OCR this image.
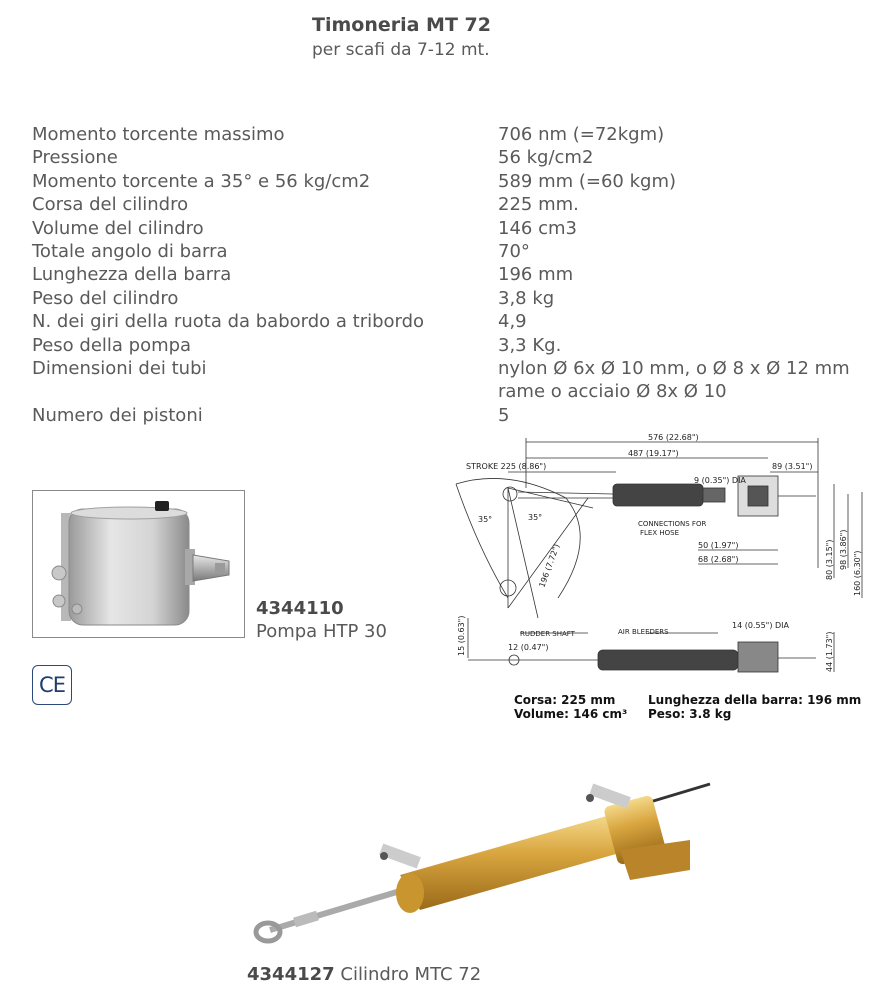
Timoneria MT 72
per scafi da 7-12 mt.
Momento torcente massimo	706 nm (=72kgm)
Pressione	56 kg/cm2
Momento torcente a 35° e 56 kg/cm2	589 mm (=60 kgm)
Corsa del cilindro	225 mm.
Volume del cilindro	146 cm3
Totale angolo di barra	70°
Lunghezza della barra	196 mm
Peso del cilindro	3,8 kg
N. dei giri della ruota da babordo a tribordo	4,9
Peso della pompa	3,3 Kg.
Dimensioni dei tubi	nylon Ø 6x Ø 10 mm, o Ø 8 x Ø 12 mm
rame o acciaio Ø 8x Ø 10
Numero dei pistoni	5
4344110
Pompa HTP 30
CE
576 (22.68")
487 (19.17")
STROKE 225 (8.86")	89 (3.51")
9 (0.35") DIA
CONNECTIONS FOR
FLEX HOSE
35°	35°
196 (7.72")	50 (1.97")
68 (2.68")	80 (3.15") 98 (3.86")
160 (6.30")
15 (0.63")	12 (0.47")
RUDDER SHAFT	AIR BLEEDERS
14 (0.55") DIA
44 (1.73")
Corsa: 225 mm
Volume: 146 cm³
Lunghezza della barra: 196 mm
Peso: 3.8 kg
4344127 Cilindro MTC 72
